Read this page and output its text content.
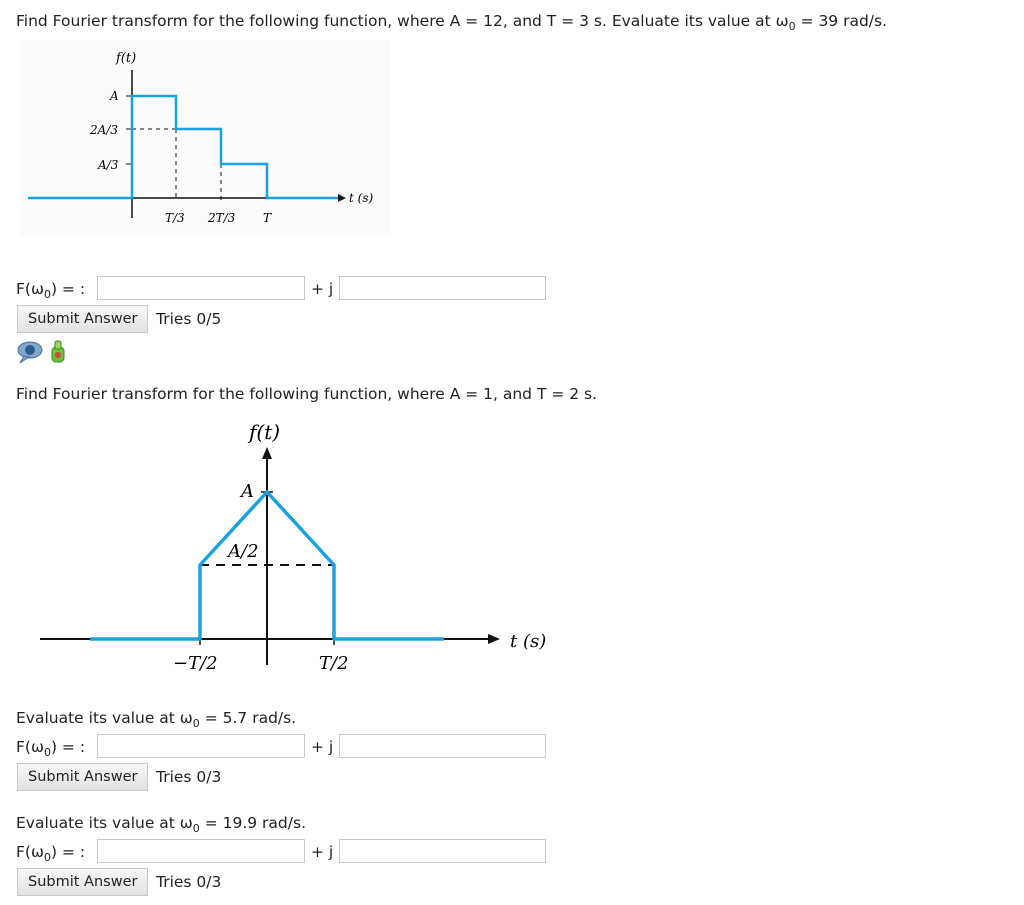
Find Fourier transform for the following function, where A = 12, and T = 3 s. Evaluate its value at $\omega_0 = 39$ rad/s.
f(t)
A
2A/3
A/3
T/3 2T/3 T
t (s)
$F(\omega_0)$ = :	+ j
Submit Answer	Tries 0/5
Find Fourier transform for the following function, where A = 1, and T = 2 s.
f(t)
A
A/2
−T/2	T/2
t (s)
Evaluate its value at $\omega_0 = 5.7$ rad/s.
$F(\omega_0)$ = :	+ j
Submit Answer	Tries 0/3
Evaluate its value at $\omega_0 = 19.9$ rad/s.
$F(\omega_0)$ = :	+ j
Submit Answer	Tries 0/3
